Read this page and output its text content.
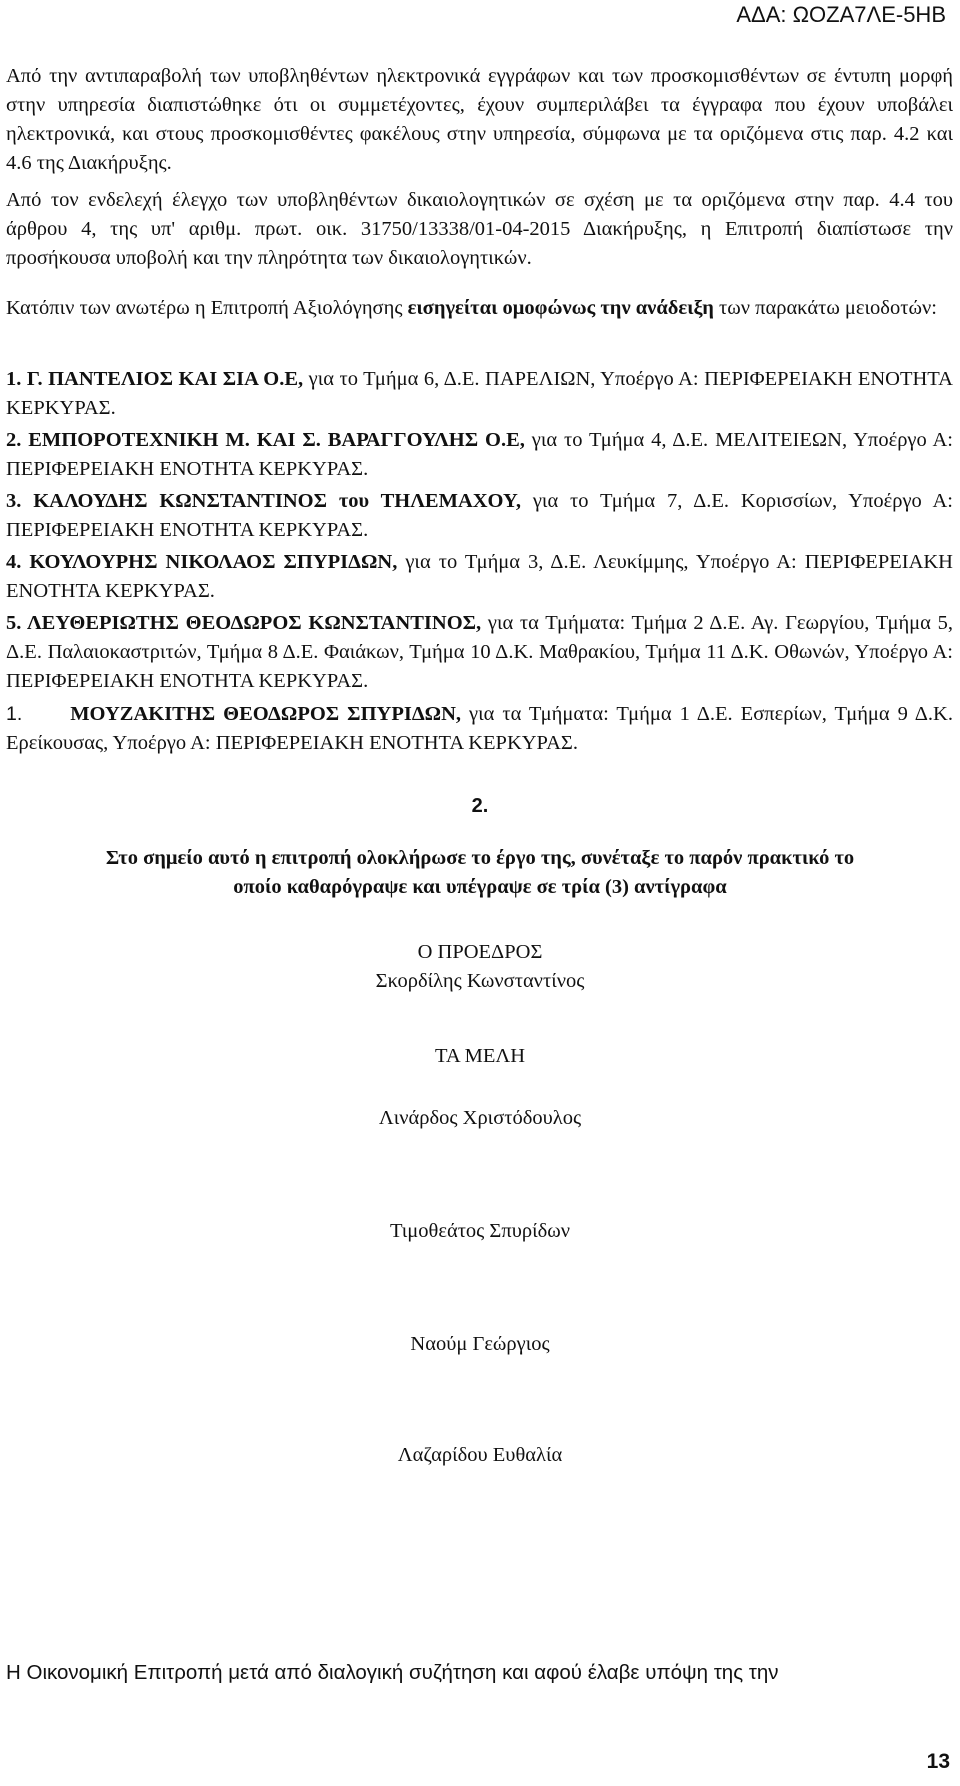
ΑΔΑ: ΩΟΖΑ7ΛΕ-5ΗΒ

Από την αντιπαραβολή των υποβληθέντων ηλεκτρονικά εγγράφων και των προσκομισθέντων σε έντυπη μορφή στην υπηρεσία διαπιστώθηκε ότι οι συμμετέχοντες, έχουν συμπεριλάβει τα έγγραφα που έχουν υποβάλει ηλεκτρονικά, και στους προσκομισθέντες φακέλους στην υπηρεσία, σύμφωνα με τα οριζόμενα στις παρ. 4.2 και 4.6 της Διακήρυξης.

Από τον ενδελεχή έλεγχο των υποβληθέντων δικαιολογητικών σε σχέση με τα οριζόμενα στην παρ. 4.4 του άρθρου 4, της υπ' αριθμ. πρωτ. οικ. 31750/13338/01-04-2015 Διακήρυξης, η Επιτροπή διαπίστωσε την προσήκουσα υποβολή και την πληρότητα των δικαιολογητικών.

Κατόπιν των ανωτέρω η Επιτροπή Αξιολόγησης εισηγείται ομοφώνως την ανάδειξη των παρακάτω μειοδοτών:

1. Γ. ΠΑΝΤΕΛΙΟΣ ΚΑΙ ΣΙΑ Ο.Ε, για το Τμήμα 6, Δ.Ε. ΠΑΡΕΛΙΩΝ, Υποέργο Α: ΠΕΡΙΦΕΡΕΙΑΚΗ ΕΝΟΤΗΤΑ ΚΕΡΚΥΡΑΣ.

2. ΕΜΠΟΡΟΤΕΧΝΙΚΗ Μ. ΚΑΙ Σ. ΒΑΡΑΓΓΟΥΛΗΣ Ο.Ε, για το Τμήμα 4, Δ.Ε. ΜΕΛΙΤΕΙΕΩΝ, Υποέργο Α: ΠΕΡΙΦΕΡΕΙΑΚΗ ΕΝΟΤΗΤΑ ΚΕΡΚΥΡΑΣ.

3. ΚΑΛΟΥΔΗΣ ΚΩΝΣΤΑΝΤΙΝΟΣ του ΤΗΛΕΜΑΧΟΥ, για το Τμήμα 7, Δ.Ε. Κορισσίων, Υποέργο Α: ΠΕΡΙΦΕΡΕΙΑΚΗ ΕΝΟΤΗΤΑ ΚΕΡΚΥΡΑΣ.

4. ΚΟΥΛΟΥΡΗΣ ΝΙΚΟΛΑΟΣ ΣΠΥΡΙΔΩΝ, για το Τμήμα 3, Δ.Ε. Λευκίμμης, Υποέργο Α: ΠΕΡΙΦΕΡΕΙΑΚΗ ΕΝΟΤΗΤΑ ΚΕΡΚΥΡΑΣ.

5. ΛΕΥΘΕΡΙΩΤΗΣ ΘΕΟΔΩΡΟΣ ΚΩΝΣΤΑΝΤΙΝΟΣ, για τα Τμήματα: Τμήμα 2 Δ.Ε. Αγ. Γεωργίου, Τμήμα 5, Δ.Ε. Παλαιοκαστριτών, Τμήμα 8 Δ.Ε. Φαιάκων, Τμήμα 10 Δ.Κ. Μαθρακίου, Τμήμα 11 Δ.Κ. Οθωνών, Υποέργο Α: ΠΕΡΙΦΕΡΕΙΑΚΗ ΕΝΟΤΗΤΑ ΚΕΡΚΥΡΑΣ.

1. ΜΟΥΖΑΚΙΤΗΣ ΘΕΟΔΩΡΟΣ ΣΠΥΡΙΔΩΝ, για τα Τμήματα: Τμήμα 1 Δ.Ε. Εσπερίων, Τμήμα 9 Δ.Κ. Ερείκουσας, Υποέργο Α: ΠΕΡΙΦΕΡΕΙΑΚΗ ΕΝΟΤΗΤΑ ΚΕΡΚΥΡΑΣ.

2.

Στο σημείο αυτό η επιτροπή ολοκλήρωσε το έργο της, συνέταξε το παρόν πρακτικό το

οποίο καθαρόγραψε και υπέγραψε σε τρία (3) αντίγραφα

Ο ΠΡΟΕΔΡΟΣ

Σκορδίλης Κωνσταντίνος

ΤΑ ΜΕΛΗ

Λινάρδος Χριστόδουλος

Τιμοθεάτος Σπυρίδων

Ναούμ Γεώργιος

Λαζαρίδου Ευθαλία

Η Οικονομική Επιτροπή μετά από διαλογική συζήτηση και αφού έλαβε υπόψη της την

13
